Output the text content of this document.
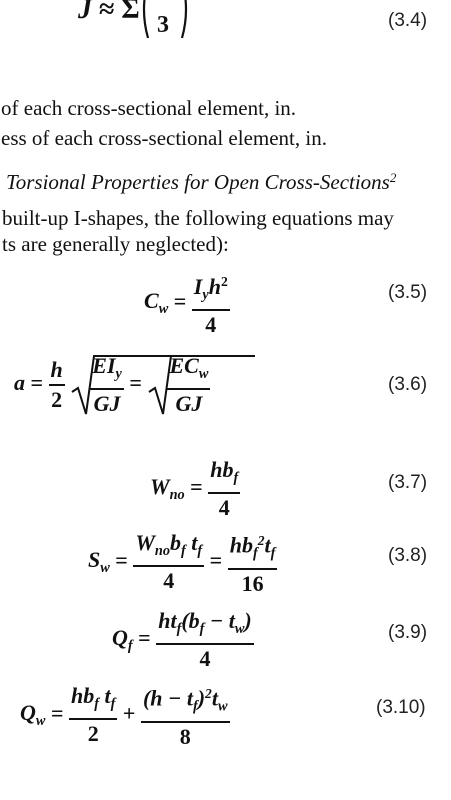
J ≈ Σ 3	(3.4)
of each cross-sectional element, in.
ess of each cross-sectional element, in.
Torsional Properties for Open Cross-Sections$^2$
built-up I-shapes, the following equations may
ts are generally neglected):
$C_w = \frac{I_yh^2}{4}$	(3.5)
$a = \frac{h}{2}$
$\frac{EI_y}{GJ} = \frac{EC_w}{GJ}$	(3.6)
$W_{no} = \frac{hb_f}{4}$	(3.7)
$S_w = \frac{W_{no}b_f t_f}{4} = \frac{hb_f^2t_f}{16}$	(3.8)
$Q_f = \frac{ht_f(b_f - t_w)}{4}$	(3.9)
$Q_w = \frac{hb_f t_f}{2} + \frac{(h - t_f)^2t_w}{8}$	(3.10)
